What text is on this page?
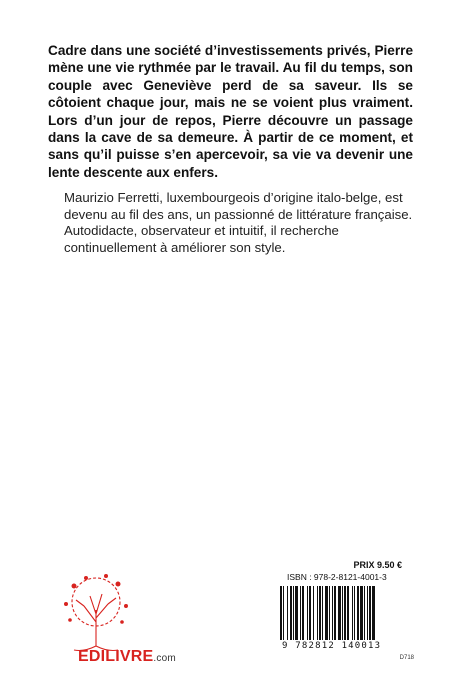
Cadre dans une société d’investissements privés, Pierre mène une vie rythmée par le travail. Au fil du temps, son couple avec Geneviève perd de sa saveur. Ils se côtoient chaque jour, mais ne se voient plus vraiment. Lors d’un jour de repos, Pierre découvre un passage dans la cave de sa demeure. À partir de ce moment, et sans qu’il puisse s’en apercevoir, sa vie va devenir une lente descente aux enfers.

Maurizio Ferretti, luxembourgeois d’origine italo-belge, est devenu au fil des ans, un passionné de littérature française.

Autodidacte, observateur et intuitif, il recherche continuellement à améliorer son style.

EDILIVRE.com
PRIX 9.50 €
ISBN : 978-2-8121-4001-3
9 782812 140013
D718
